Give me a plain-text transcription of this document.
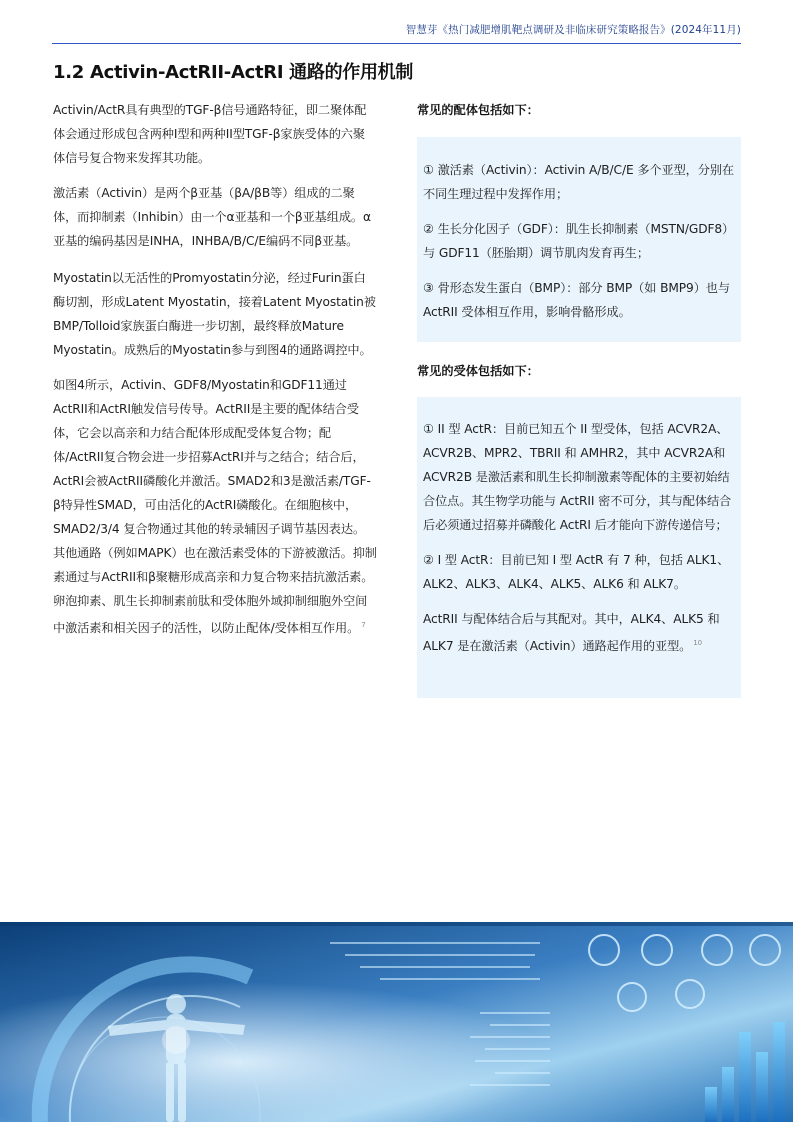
智慧芽《热门减肥增肌靶点调研及非临床研究策略报告》(2024年11月)
1.2 Activin-ActRII-ActRI 通路的作用机制

Activin/ActR具有典型的TGF-β信号通路特征，即二聚体配体会通过形成包含两种I型和两种II型TGF-β家族受体的六聚体信号复合物来发挥其功能。

激活素（Activin）是两个β亚基（βA/βB等）组成的二聚体，而抑制素（Inhibin）由一个α亚基和一个β亚基组成。α亚基的编码基因是INHA，INHBA/B/C/E编码不同β亚基。

Myostatin以无活性的Promyostatin分泌，经过Furin蛋白酶切割，形成Latent Myostatin，接着Latent Myostatin被BMP/Tolloid家族蛋白酶进一步切割，最终释放Mature Myostatin。成熟后的Myostatin参与到图4的通路调控中。

如图4所示，Activin、GDF8/Myostatin和GDF11通过ActRII和ActRI触发信号传导。ActRII是主要的配体结合受体，它会以高亲和力结合配体形成配受体复合物；配体/ActRII复合物会进一步招募ActRI并与之结合；结合后，ActRI会被ActRII磷酸化并激活。SMAD2和3是激活素/TGF-β特异性SMAD，可由活化的ActRI磷酸化。在细胞核中，SMAD2/3/4 复合物通过其他的转录辅因子调节基因表达。其他通路（例如MAPK）也在激活素受体的下游被激活。抑制素通过与ActRII和β聚糖形成高亲和力复合物来拮抗激活素。卵泡抑素、肌生长抑制素前肽和受体胞外域抑制细胞外空间中激活素和相关因子的活性，以防止配体/受体相互作用。 $^7$

常见的配体包括如下：

① 激活素（Activin）：Activin A/B/C/E 多个亚型，分别在不同生理过程中发挥作用；

② 生长分化因子（GDF）：肌生长抑制素（MSTN/GDF8）与 GDF11（胚胎期）调节肌肉发育再生；

③ 骨形态发生蛋白（BMP）：部分 BMP（如 BMP9）也与 ActRII 受体相互作用，影响骨骼形成。

常见的受体包括如下：

① II 型 ActR：目前已知五个 II 型受体，包括 ACVR2A、ACVR2B、MPR2、TBRII 和 AMHR2，其中 ACVR2A和ACVR2B 是激活素和肌生长抑制激素等配体的主要初始结合位点。其生物学功能与 ActRII 密不可分，其与配体结合后必须通过招募并磷酸化 ActRI 后才能向下游传递信号；

② I 型 ActR：目前已知 I 型 ActR 有 7 种，包括 ALK1、ALK2、ALK3、ALK4、ALK5、ALK6 和 ALK7。

ActRII 与配体结合后与其配对。其中，ALK4、ALK5 和 ALK7 是在激活素（Activin）通路起作用的亚型。 $^{10}$
